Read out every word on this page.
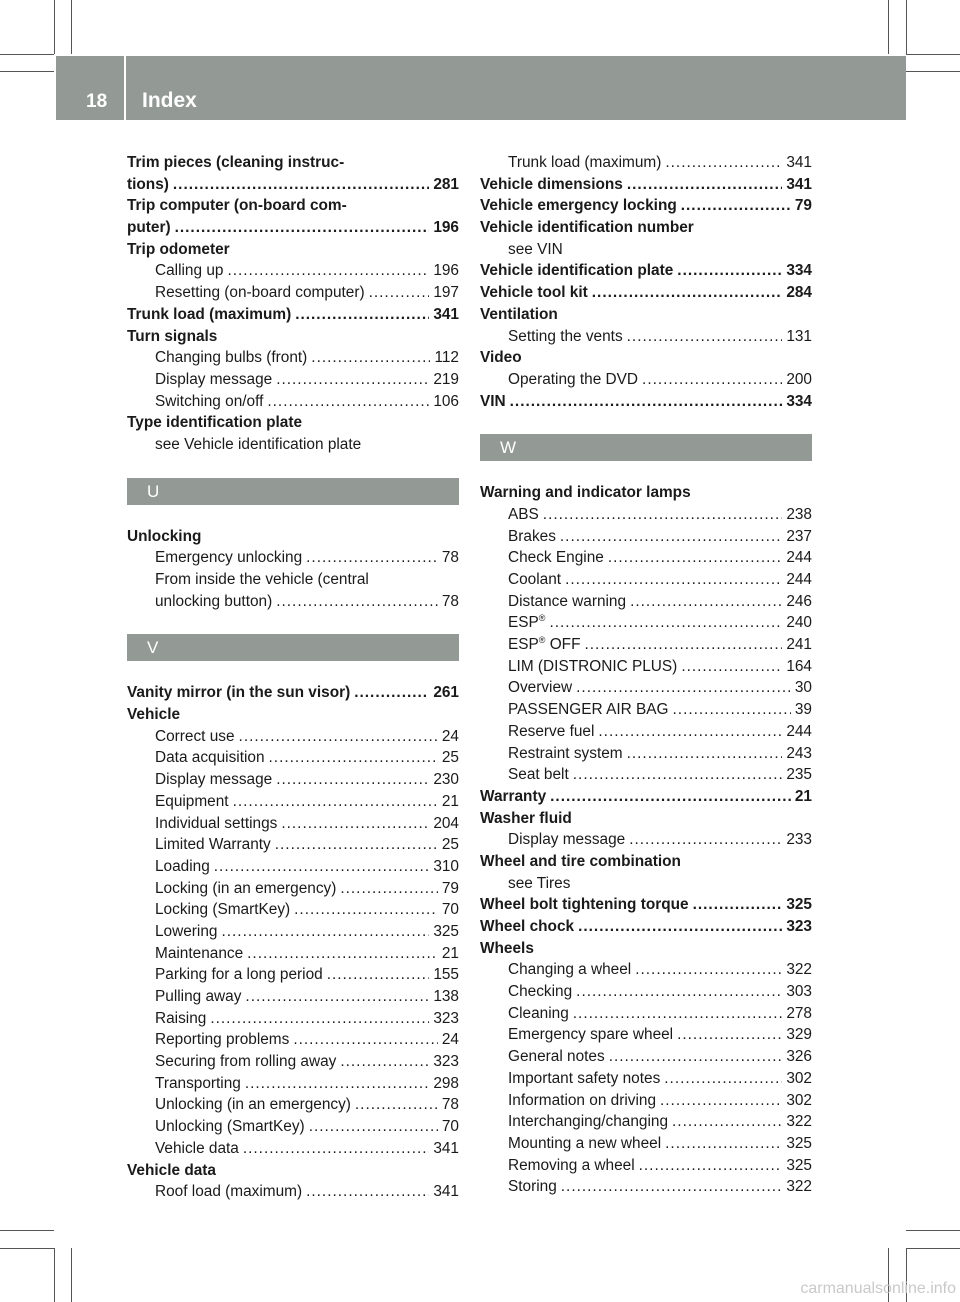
18 Index
Trim pieces (cleaning instruc-
tions) .....	281
Trip computer (on-board com-
puter) .....	196
Trip odometer
Calling up .....	196
Resetting (on-board computer) .....	197
Trunk load (maximum) .....	341
Turn signals
Changing bulbs (front) .....	112
Display message .....	219
Switching on/off .....	106
Type identification plate
see Vehicle identification plate
U
Unlocking
Emergency unlocking .....	78
From inside the vehicle (central
unlocking button) .....	78
V
Vanity mirror (in the sun visor) .....	261
Vehicle
Correct use .....	24
Data acquisition .....	25
Display message .....	230
Equipment .....	21
Individual settings .....	204
Limited Warranty .....	25
Loading .....	310
Locking (in an emergency) .....	79
Locking (SmartKey) .....	70
Lowering .....	325
Maintenance .....	21
Parking for a long period .....	155
Pulling away .....	138
Raising .....	323
Reporting problems .....	24
Securing from rolling away .....	323
Transporting .....	298
Unlocking (in an emergency) .....	78
Unlocking (SmartKey) .....	70
Vehicle data .....	341
Vehicle data
Roof load (maximum) .....	341
Trunk load (maximum) .....	341
Vehicle dimensions .....	341
Vehicle emergency locking .....	79
Vehicle identification number
see VIN
Vehicle identification plate .....	334
Vehicle tool kit .....	284
Ventilation
Setting the vents .....	131
Video
Operating the DVD .....	200
VIN .....	334
W
Warning and indicator lamps
ABS .....	238
Brakes .....	237
Check Engine .....	244
Coolant .....	244
Distance warning .....	246
ESP® .....	240
ESP® OFF .....	241
LIM (DISTRONIC PLUS) .....	164
Overview .....	30
PASSENGER AIR BAG .....	39
Reserve fuel .....	244
Restraint system .....	243
Seat belt .....	235
Warranty .....	21
Washer fluid
Display message .....	233
Wheel and tire combination
see Tires
Wheel bolt tightening torque .....	325
Wheel chock .....	323
Wheels
Changing a wheel .....	322
Checking .....	303
Cleaning .....	278
Emergency spare wheel .....	329
General notes .....	326
Important safety notes .....	302
Information on driving .....	302
Interchanging/changing .....	322
Mounting a new wheel .....	325
Removing a wheel .....	325
Storing .....	322
carmanualsonline.info
